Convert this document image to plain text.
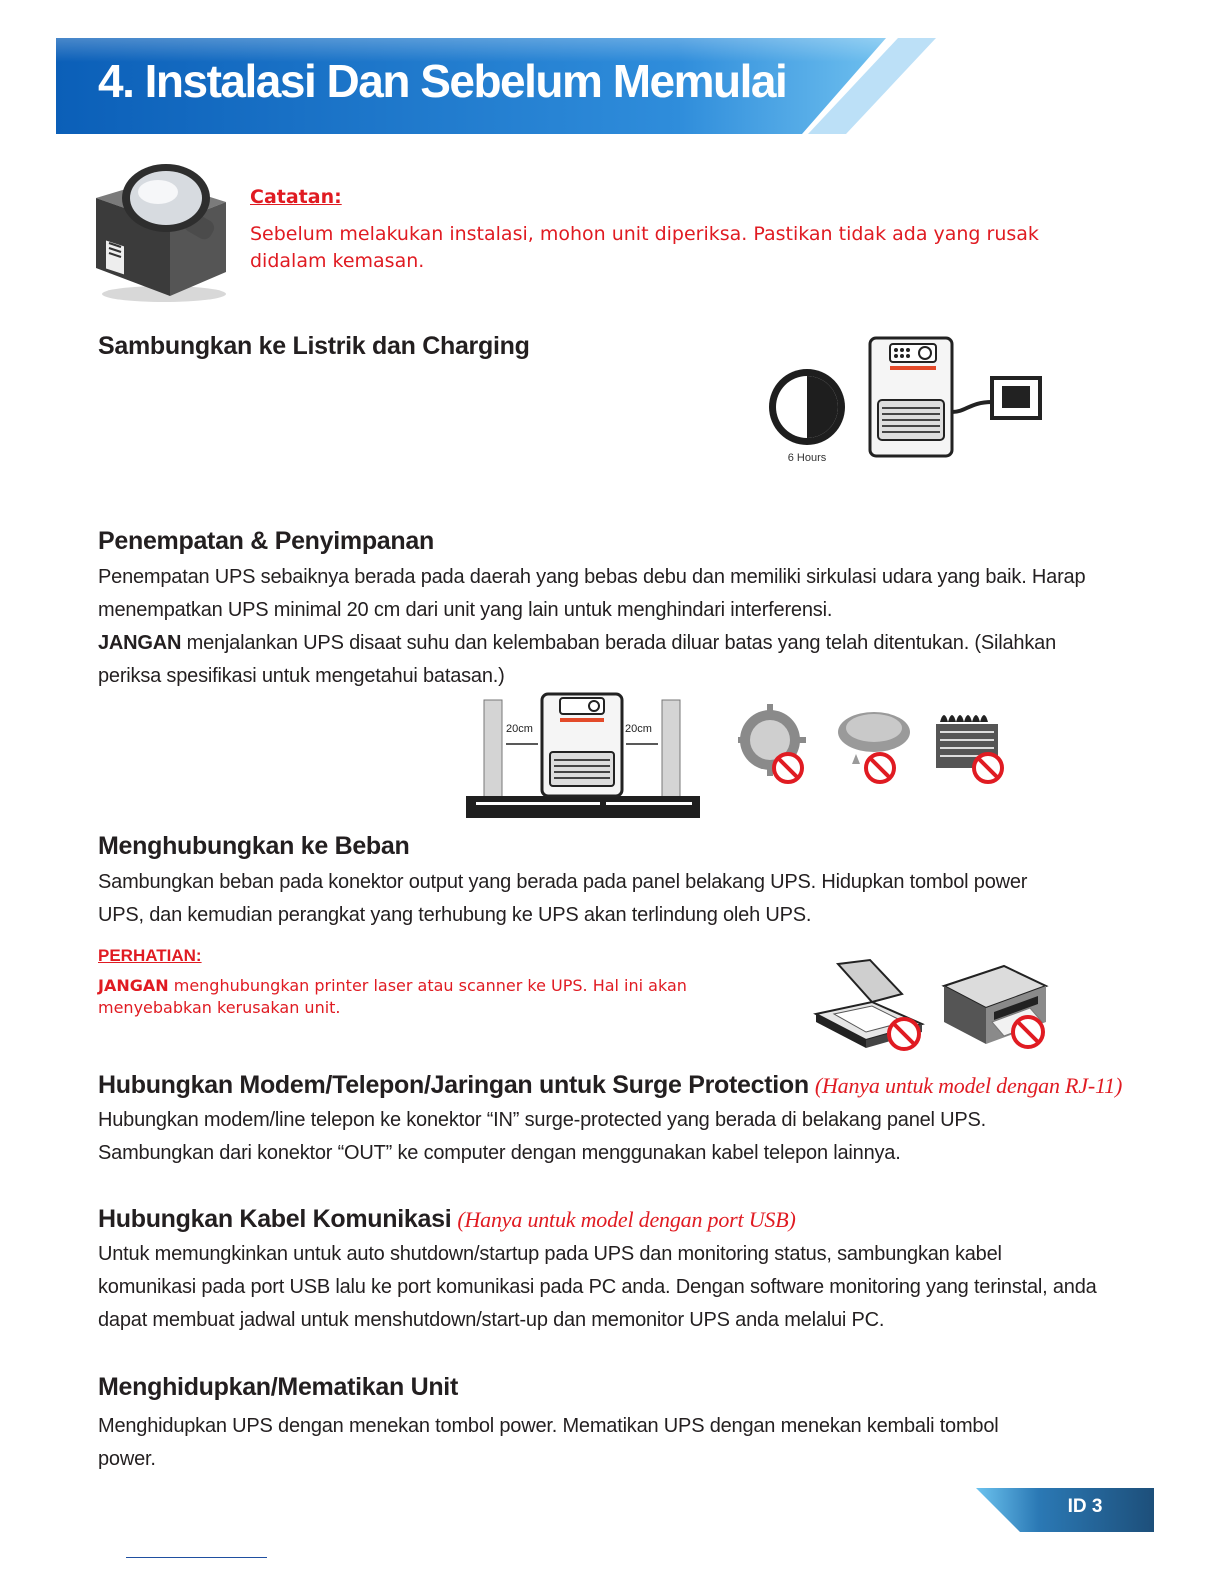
4. Instalasi Dan Sebelum Memulai
Catatan:
Sebelum melakukan instalasi, mohon unit diperiksa. Pastikan tidak ada yang rusak didalam kemasan.
Sambungkan ke Listrik dan Charging
6 Hours
Penempatan & Penyimpanan
Penempatan UPS sebaiknya berada pada daerah yang bebas debu dan memiliki sirkulasi udara yang baik. Harap menempatkan UPS minimal 20 cm dari unit yang lain untuk menghindari interferensi.
JANGAN menjalankan UPS disaat suhu dan kelembaban berada diluar batas yang telah ditentukan. (Silahkan periksa spesifikasi untuk mengetahui batasan.)
20cm	20cm
Menghubungkan ke Beban
Sambungkan beban pada konektor output yang berada pada panel belakang UPS. Hidupkan tombol power UPS, dan kemudian perangkat yang terhubung ke UPS akan terlindung oleh UPS.
PERHATIAN:
JANGAN menghubungkan printer laser atau scanner ke UPS. Hal ini akan menyebabkan kerusakan unit.
Hubungkan Modem/Telepon/Jaringan untuk Surge Protection (Hanya untuk model dengan RJ-11)
Hubungkan modem/line telepon ke konektor “IN” surge-protected yang berada di belakang panel UPS. Sambungkan dari konektor “OUT” ke computer dengan menggunakan kabel telepon lainnya.
Hubungkan Kabel Komunikasi (Hanya untuk model dengan port USB)
Untuk memungkinkan untuk auto shutdown/startup pada UPS dan monitoring status, sambungkan kabel komunikasi pada port USB lalu ke port komunikasi pada PC anda. Dengan software monitoring yang terinstal, anda dapat membuat jadwal untuk menshutdown/start-up dan memonitor UPS anda melalui PC.
Menghidupkan/Mematikan Unit
Menghidupkan UPS dengan menekan tombol power. Mematikan UPS dengan menekan kembali tombol power.
ID 3
